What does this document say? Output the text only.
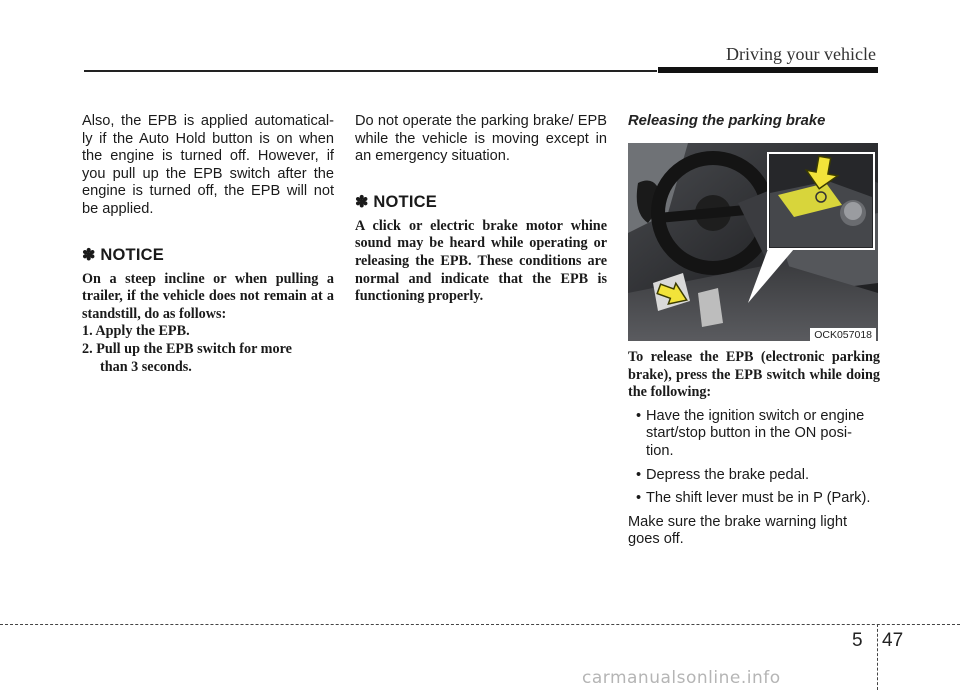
Driving your vehicle

Also, the EPB is applied automatical- ly if the Auto Hold button is on when the engine is turned off. However, if you pull up the EPB switch after the engine is turned off, the EPB will not be applied.

✽ NOTICE

On a steep incline or when pulling a trailer, if the vehicle does not remain at a standstill, do as follows:

1. Apply the EPB.
2. Pull up the EPB switch for more
than 3 seconds.

Do not operate the parking brake/ EPB while the vehicle is moving except in an emergency situation.

✽ NOTICE

A click or electric brake motor whine sound may be heard while operating or releasing the EPB. These conditions are normal and indicate that the EPB is functioning properly.

Releasing the parking brake
OCK057018

To release the EPB (electronic parking brake), press the EPB switch while doing the following:

• Have the ignition switch or engine start/stop button in the ON posi- tion.
• Depress the brake pedal.
• The shift lever must be in P (Park).

Make sure the brake warning light goes off.

5 47
carmanualsonline.info
